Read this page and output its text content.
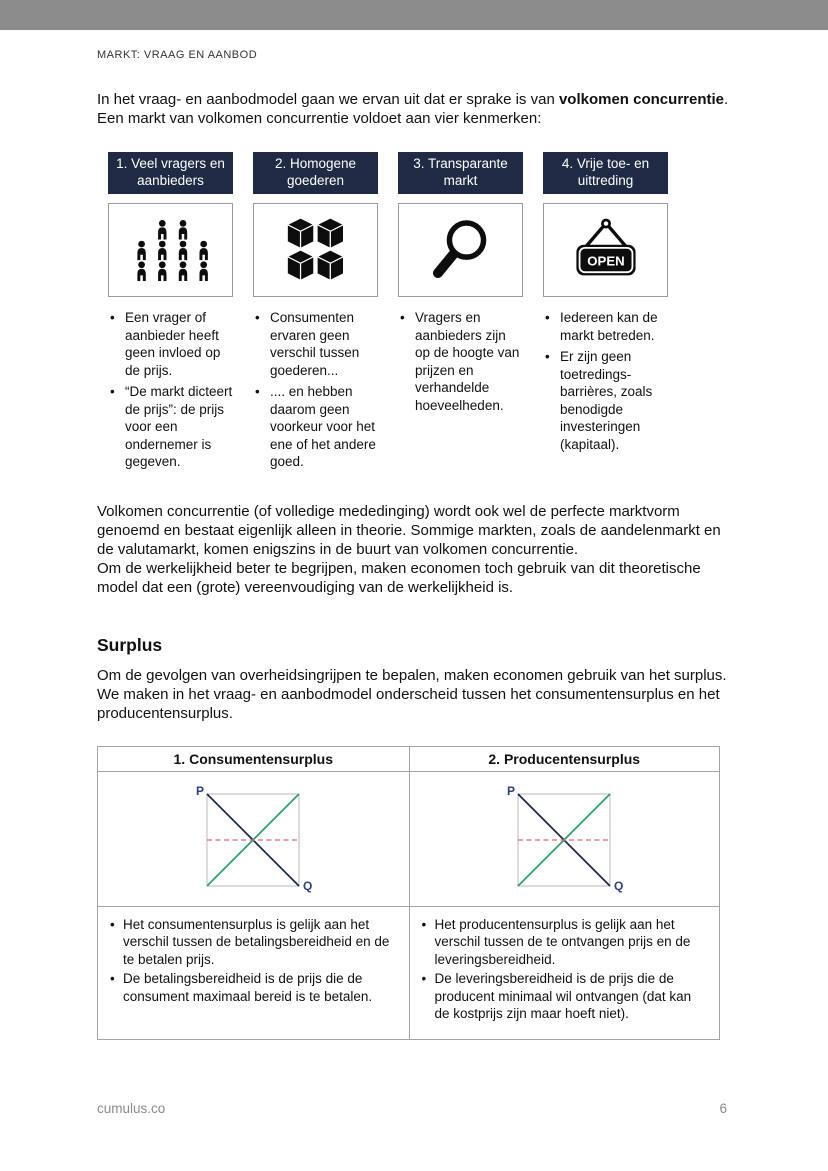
MARKT: VRAAG EN AANBOD

In het vraag- en aanbodmodel gaan we ervan uit dat er sprake is van volkomen concurrentie. Een markt van volkomen concurrentie voldoet aan vier kenmerken:

1. Veel vragers en aanbieders
• Een vrager of aanbieder heeft geen invloed op de prijs.
• “De markt dicteert de prijs”: de prijs voor een ondernemer is gegeven.
2. Homogene goederen
• Consumenten ervaren geen verschil tussen goederen...
• .... en hebben daarom geen voorkeur voor het ene of het andere goed.
3. Transparante markt
• Vragers en aanbieders zijn op de hoogte van prijzen en verhandelde hoeveelheden.
4. Vrije toe- en uittreding
OPEN
• Iedereen kan de markt betreden.
• Er zijn geen toetredings-barrières, zoals benodigde investeringen (kapitaal).
Volkomen concurrentie (of volledige mededinging) wordt ook wel de perfecte marktvorm genoemd en bestaat eigenlijk alleen in theorie. Sommige markten, zoals de aandelenmarkt en de valutamarkt, komen enigszins in de buurt van volkomen concurrentie.
Om de werkelijkheid beter te begrijpen, maken economen toch gebruik van dit theoretische model dat een (grote) vereenvoudiging van de werkelijkheid is.
Surplus
Om de gevolgen van overheidsingrijpen te bepalen, maken economen gebruik van het surplus. We maken in het vraag- en aanbodmodel onderscheid tussen het consumentensurplus en het producentensurplus.
1. Consumentensurplus	2. Producentensurplus
P
Q
P
Q
• Het consumentensurplus is gelijk aan het verschil tussen de betalingsbereidheid en de te betalen prijs.
• De betalingsbereidheid is de prijs die de consument maximaal bereid is te betalen.
• Het producentensurplus is gelijk aan het verschil tussen de te ontvangen prijs en de leveringsbereidheid.
• De leveringsbereidheid is de prijs die de producent minimaal wil ontvangen (dat kan de kostprijs zijn maar hoeft niet).
cumulus.co	6
